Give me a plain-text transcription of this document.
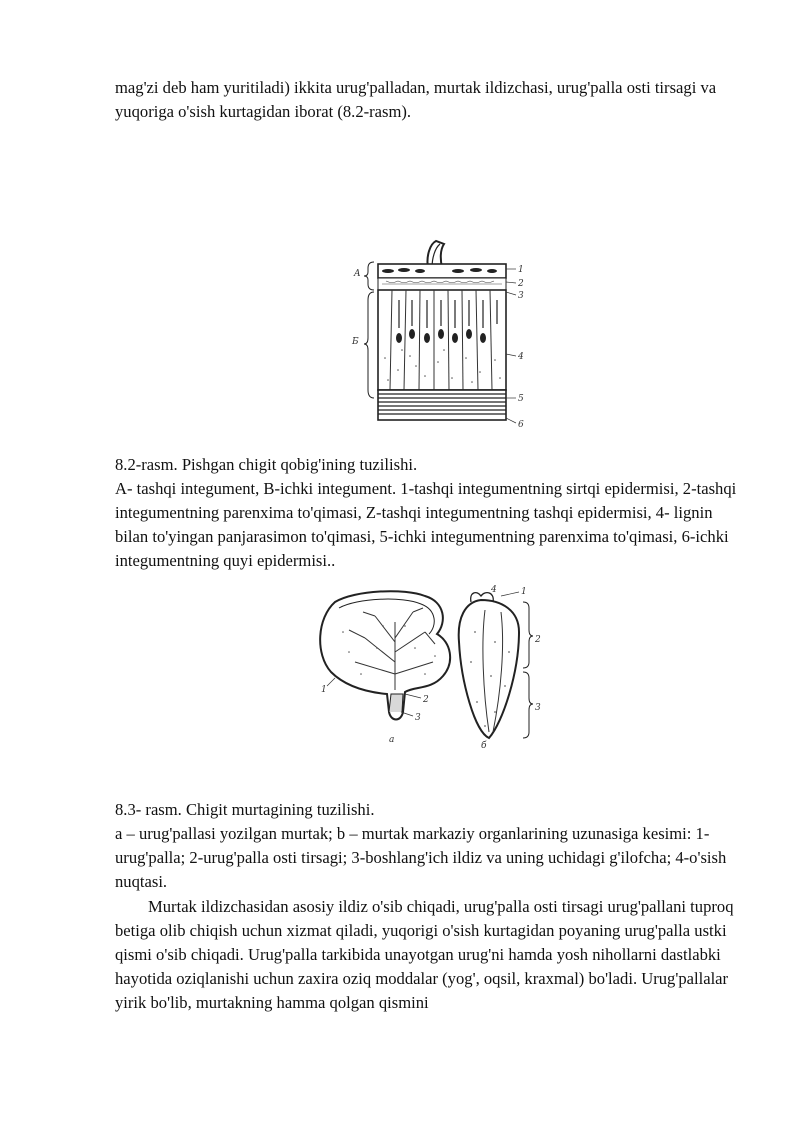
mag'zi deb ham yuritiladi) ikkita urug'palladan, murtak ildizchasi, urug'palla osti tirsagi va yuqoriga o'sish kurtagidan iborat (8.2-rasm).

A
Б
1
2
3
4
5
6

8.2-rasm. Pishgan chigit qobig'ining tuzilishi.

A- tashqi integument, B-ichki integument. 1-tashqi integumentning sirtqi epidermisi, 2-tashqi integumentning parenxima to'qimasi, Z-tashqi integumentning tashqi epidermisi, 4- lignin bilan to'yingan panjarasimon to'qimasi, 5-ichki integumentning parenxima to'qimasi, 6-ichki integumentning quyi epidermisi..

1
2
3
a
4	1
2
3
б

8.3- rasm. Chigit murtagining tuzilishi.

a – urug'pallasi yozilgan murtak; b – murtak markaziy organlarining uzunasiga kesimi: 1-urug'palla; 2-urug'palla osti tirsagi; 3-boshlang'ich ildiz va uning uchidagi g'ilofcha; 4-o'sish nuqtasi.

Murtak ildizchasidan asosiy ildiz o'sib chiqadi, urug'palla osti tirsagi urug'pallani tuproq betiga olib chiqish uchun xizmat qiladi, yuqorigi o'sish kurtagidan poyaning urug'palla ustki qismi o'sib chiqadi. Urug'palla tarkibida unayotgan urug'ni hamda yosh nihollarni dastlabki hayotida oziqlanishi uchun zaxira oziq moddalar (yog', oqsil, kraxmal) bo'ladi. Urug'pallalar yirik bo'lib, murtakning hamma qolgan qismini
